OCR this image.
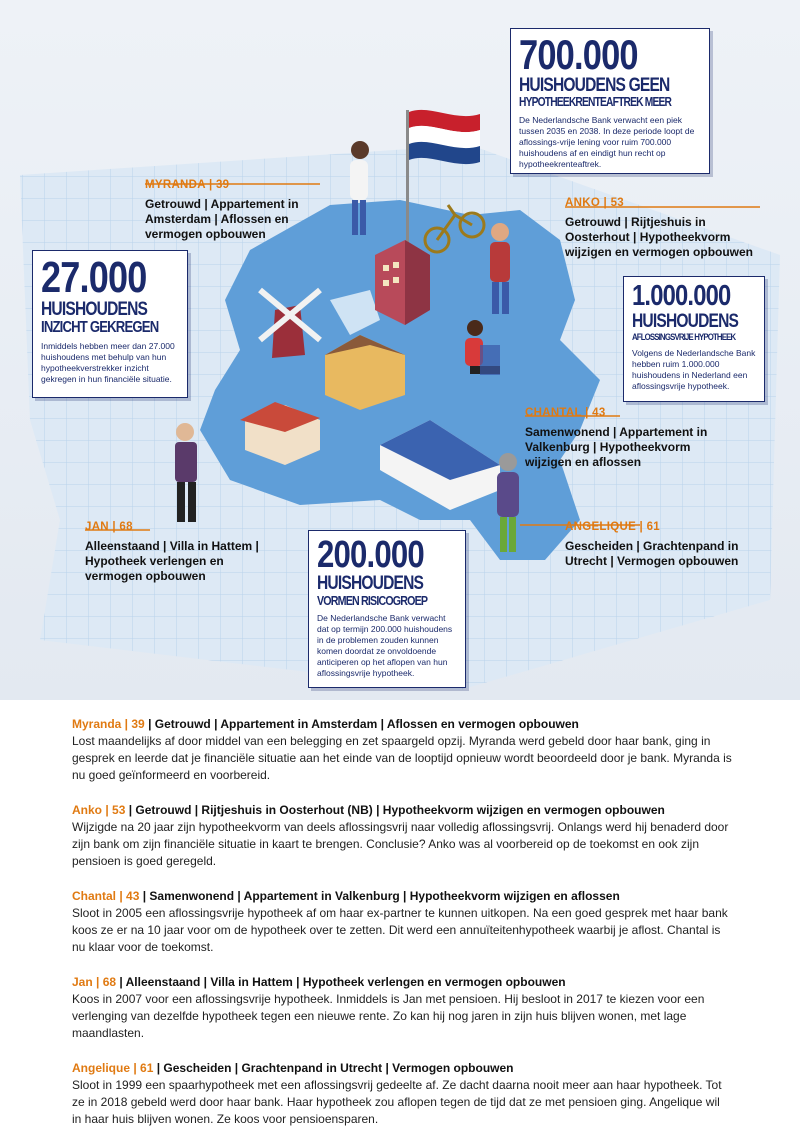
700.000
HUISHOUDENS GEEN
HYPOTHEEKRENTEAFTREK MEER
De Nederlandsche Bank verwacht een piek tussen 2035 en 2038. In deze periode loopt de aflossings-vrije lening voor ruim 700.000 huishoudens af en eindigt hun recht op hypotheekrenteaftrek.
27.000
HUISHOUDENS
INZICHT GEKREGEN
Inmiddels hebben meer dan 27.000 huishoudens met behulp van hun hypotheekverstrekker inzicht gekregen in hun financiële situatie.
1.000.000
HUISHOUDENS
AFLOSSINGSVRIJE HYPOTHEEK
Volgens de Nederlandsche Bank hebben ruim 1.000.000 huishoudens in Nederland een aflossingsvrije hypotheek.
200.000
HUISHOUDENS
VORMEN RISICOGROEP
De Nederlandsche Bank verwacht dat op termijn 200.000 huishoudens in de problemen zouden kunnen komen doordat ze onvoldoende anticiperen op het aflopen van hun aflossingsvrije hypotheek.
MYRANDA | 39
Getrouwd | Appartement in Amsterdam | Aflossen en vermogen opbouwen
ANKO | 53
Getrouwd | Rijtjeshuis in Oosterhout | Hypotheekvorm wijzigen en vermogen opbouwen
CHANTAL | 43
Samenwonend | Appartement in Valkenburg | Hypotheekvorm wijzigen en aflossen
JAN | 68
Alleenstaand | Villa in Hattem | Hypotheek verlengen en vermogen opbouwen
ANGELIQUE | 61
Gescheiden | Grachtenpand in Utrecht | Vermogen opbouwen
Myranda | 39 | Getrouwd | Appartement in Amsterdam | Aflossen en vermogen opbouwen
Lost maandelijks af door middel van een belegging en zet spaargeld opzij. Myranda werd gebeld door haar bank, ging in gesprek en leerde dat je financiële situatie aan het einde van de looptijd opnieuw wordt beoordeeld door je bank. Myranda is nu goed geïnformeerd en voorbereid.
Anko | 53 | Getrouwd | Rijtjeshuis in Oosterhout (NB) | Hypotheekvorm wijzigen en vermogen opbouwen
Wijzigde na 20 jaar zijn hypotheekvorm van deels aflossingsvrij naar volledig aflossingsvrij. Onlangs werd hij benaderd door zijn bank om zijn financiële situatie in kaart te brengen. Conclusie? Anko was al voorbereid op de toekomst en ook zijn pensioen is goed geregeld.
Chantal | 43 | Samenwonend | Appartement in Valkenburg | Hypotheekvorm wijzigen en aflossen
Sloot in 2005 een aflossingsvrije hypotheek af om haar ex-partner te kunnen uitkopen. Na een goed gesprek met haar bank koos ze er na 10 jaar voor om de hypotheek over te zetten. Dit werd een annuïteitenhypotheek waarbij je aflost. Chantal is nu klaar voor de toekomst.
Jan | 68 | Alleenstaand | Villa in Hattem | Hypotheek verlengen en vermogen opbouwen
Koos in 2007 voor een aflossingsvrije hypotheek. Inmiddels is Jan met pensioen. Hij besloot in 2017 te kiezen voor een verlenging van dezelfde hypotheek tegen een nieuwe rente. Zo kan hij nog jaren in zijn huis blijven wonen, met lage maandlasten.
Angelique | 61 | Gescheiden | Grachtenpand in Utrecht | Vermogen opbouwen
Sloot in 1999 een spaarhypotheek met een aflossingsvrij gedeelte af. Ze dacht daarna nooit meer aan haar hypotheek. Tot ze in 2018 gebeld werd door haar bank. Haar hypotheek zou aflopen tegen de tijd dat ze met pensioen ging. Angelique wil in haar huis blijven wonen. Ze koos voor pensioensparen.
